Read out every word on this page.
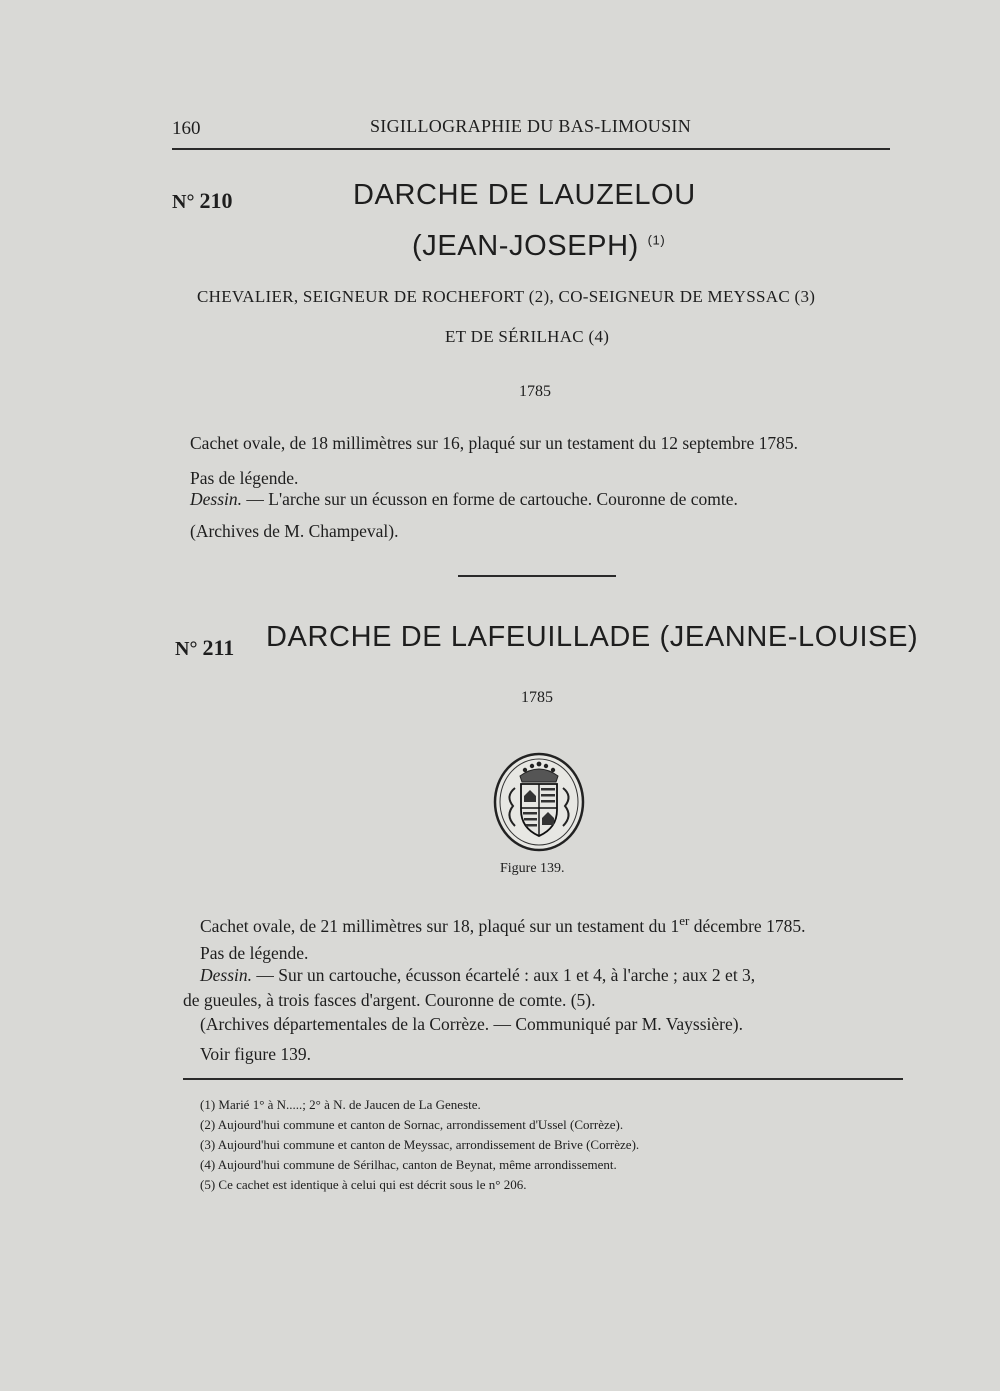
160	SIGILLOGRAPHIE DU BAS-LIMOUSIN
N° 210	DARCHE DE LAUZELOU
(JEAN-JOSEPH) $^{(1)}$
CHEVALIER, SEIGNEUR DE ROCHEFORT (2), CO-SEIGNEUR DE MEYSSAC (3)
ET DE SÉRILHAC (4)
1785
Cachet ovale, de 18 millimètres sur 16, plaqué sur un testament du 12 septembre 1785.
Pas de légende.
Dessin. — L'arche sur un écusson en forme de cartouche. Couronne de comte.
(Archives de M. Champeval).
N° 211 DARCHE DE LAFEUILLADE (JEANNE-LOUISE)
1785
Figure 139.
Cachet ovale, de 21 millimètres sur 18, plaqué sur un testament du 1er décembre 1785.
Pas de légende.
Dessin. — Sur un cartouche, écusson écartelé : aux 1 et 4, à l'arche ; aux 2 et 3,
de gueules, à trois fasces d'argent. Couronne de comte. (5).
(Archives départementales de la Corrèze. — Communiqué par M. Vayssière).
Voir figure 139.
(1) Marié 1° à N.....; 2° à N. de Jaucen de La Geneste.
(2) Aujourd'hui commune et canton de Sornac, arrondissement d'Ussel (Corrèze).
(3) Aujourd'hui commune et canton de Meyssac, arrondissement de Brive (Corrèze).
(4) Aujourd'hui commune de Sérilhac, canton de Beynat, même arrondissement.
(5) Ce cachet est identique à celui qui est décrit sous le n° 206.
